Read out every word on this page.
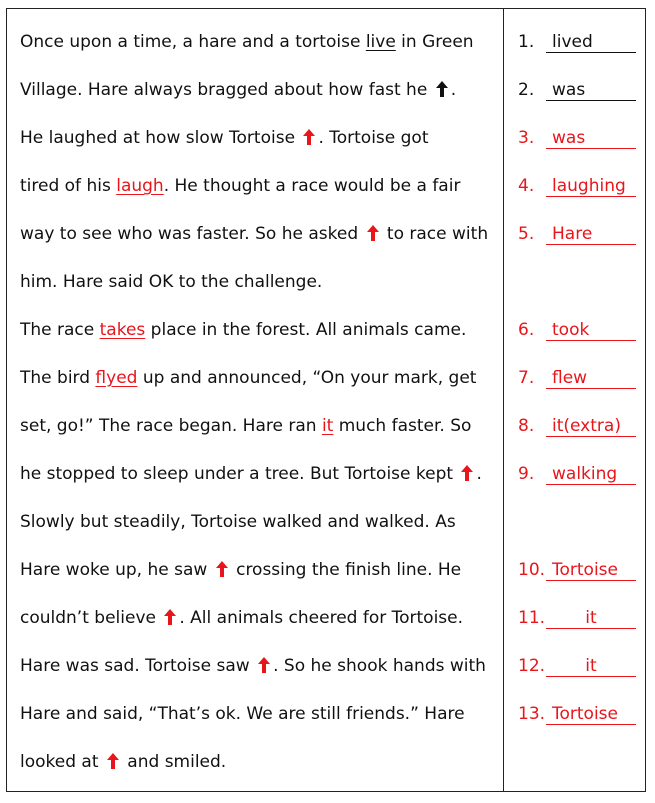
Once upon a time, a hare and a tortoise live in Green
Village. Hare always bragged about how fast he
.
He laughed at how slow Tortoise
. Tortoise got
tired of his laugh. He thought a race would be a fair
way to see who was faster. So he asked
to race with
him. Hare said OK to the challenge.
The race takes place in the forest. All animals came.
The bird flyed up and announced, “On your mark, get
set, go!” The race began. Hare ran it much faster. So
he stopped to sleep under a tree. But Tortoise kept
.
Slowly but steadily, Tortoise walked and walked. As
Hare woke up, he saw
crossing the finish line. He
couldn’t believe
. All animals cheered for Tortoise.
Hare was sad. Tortoise saw
. So he shook hands with
Hare and said, “That’s ok. We are still friends.” Hare
looked at
and smiled.
1. lived
2. was
3. was
4. laughing
5. Hare
6. took
7. flew
8. it(extra)
9. walking
10. Tortoise
11. it
12. it
13. Tortoise
